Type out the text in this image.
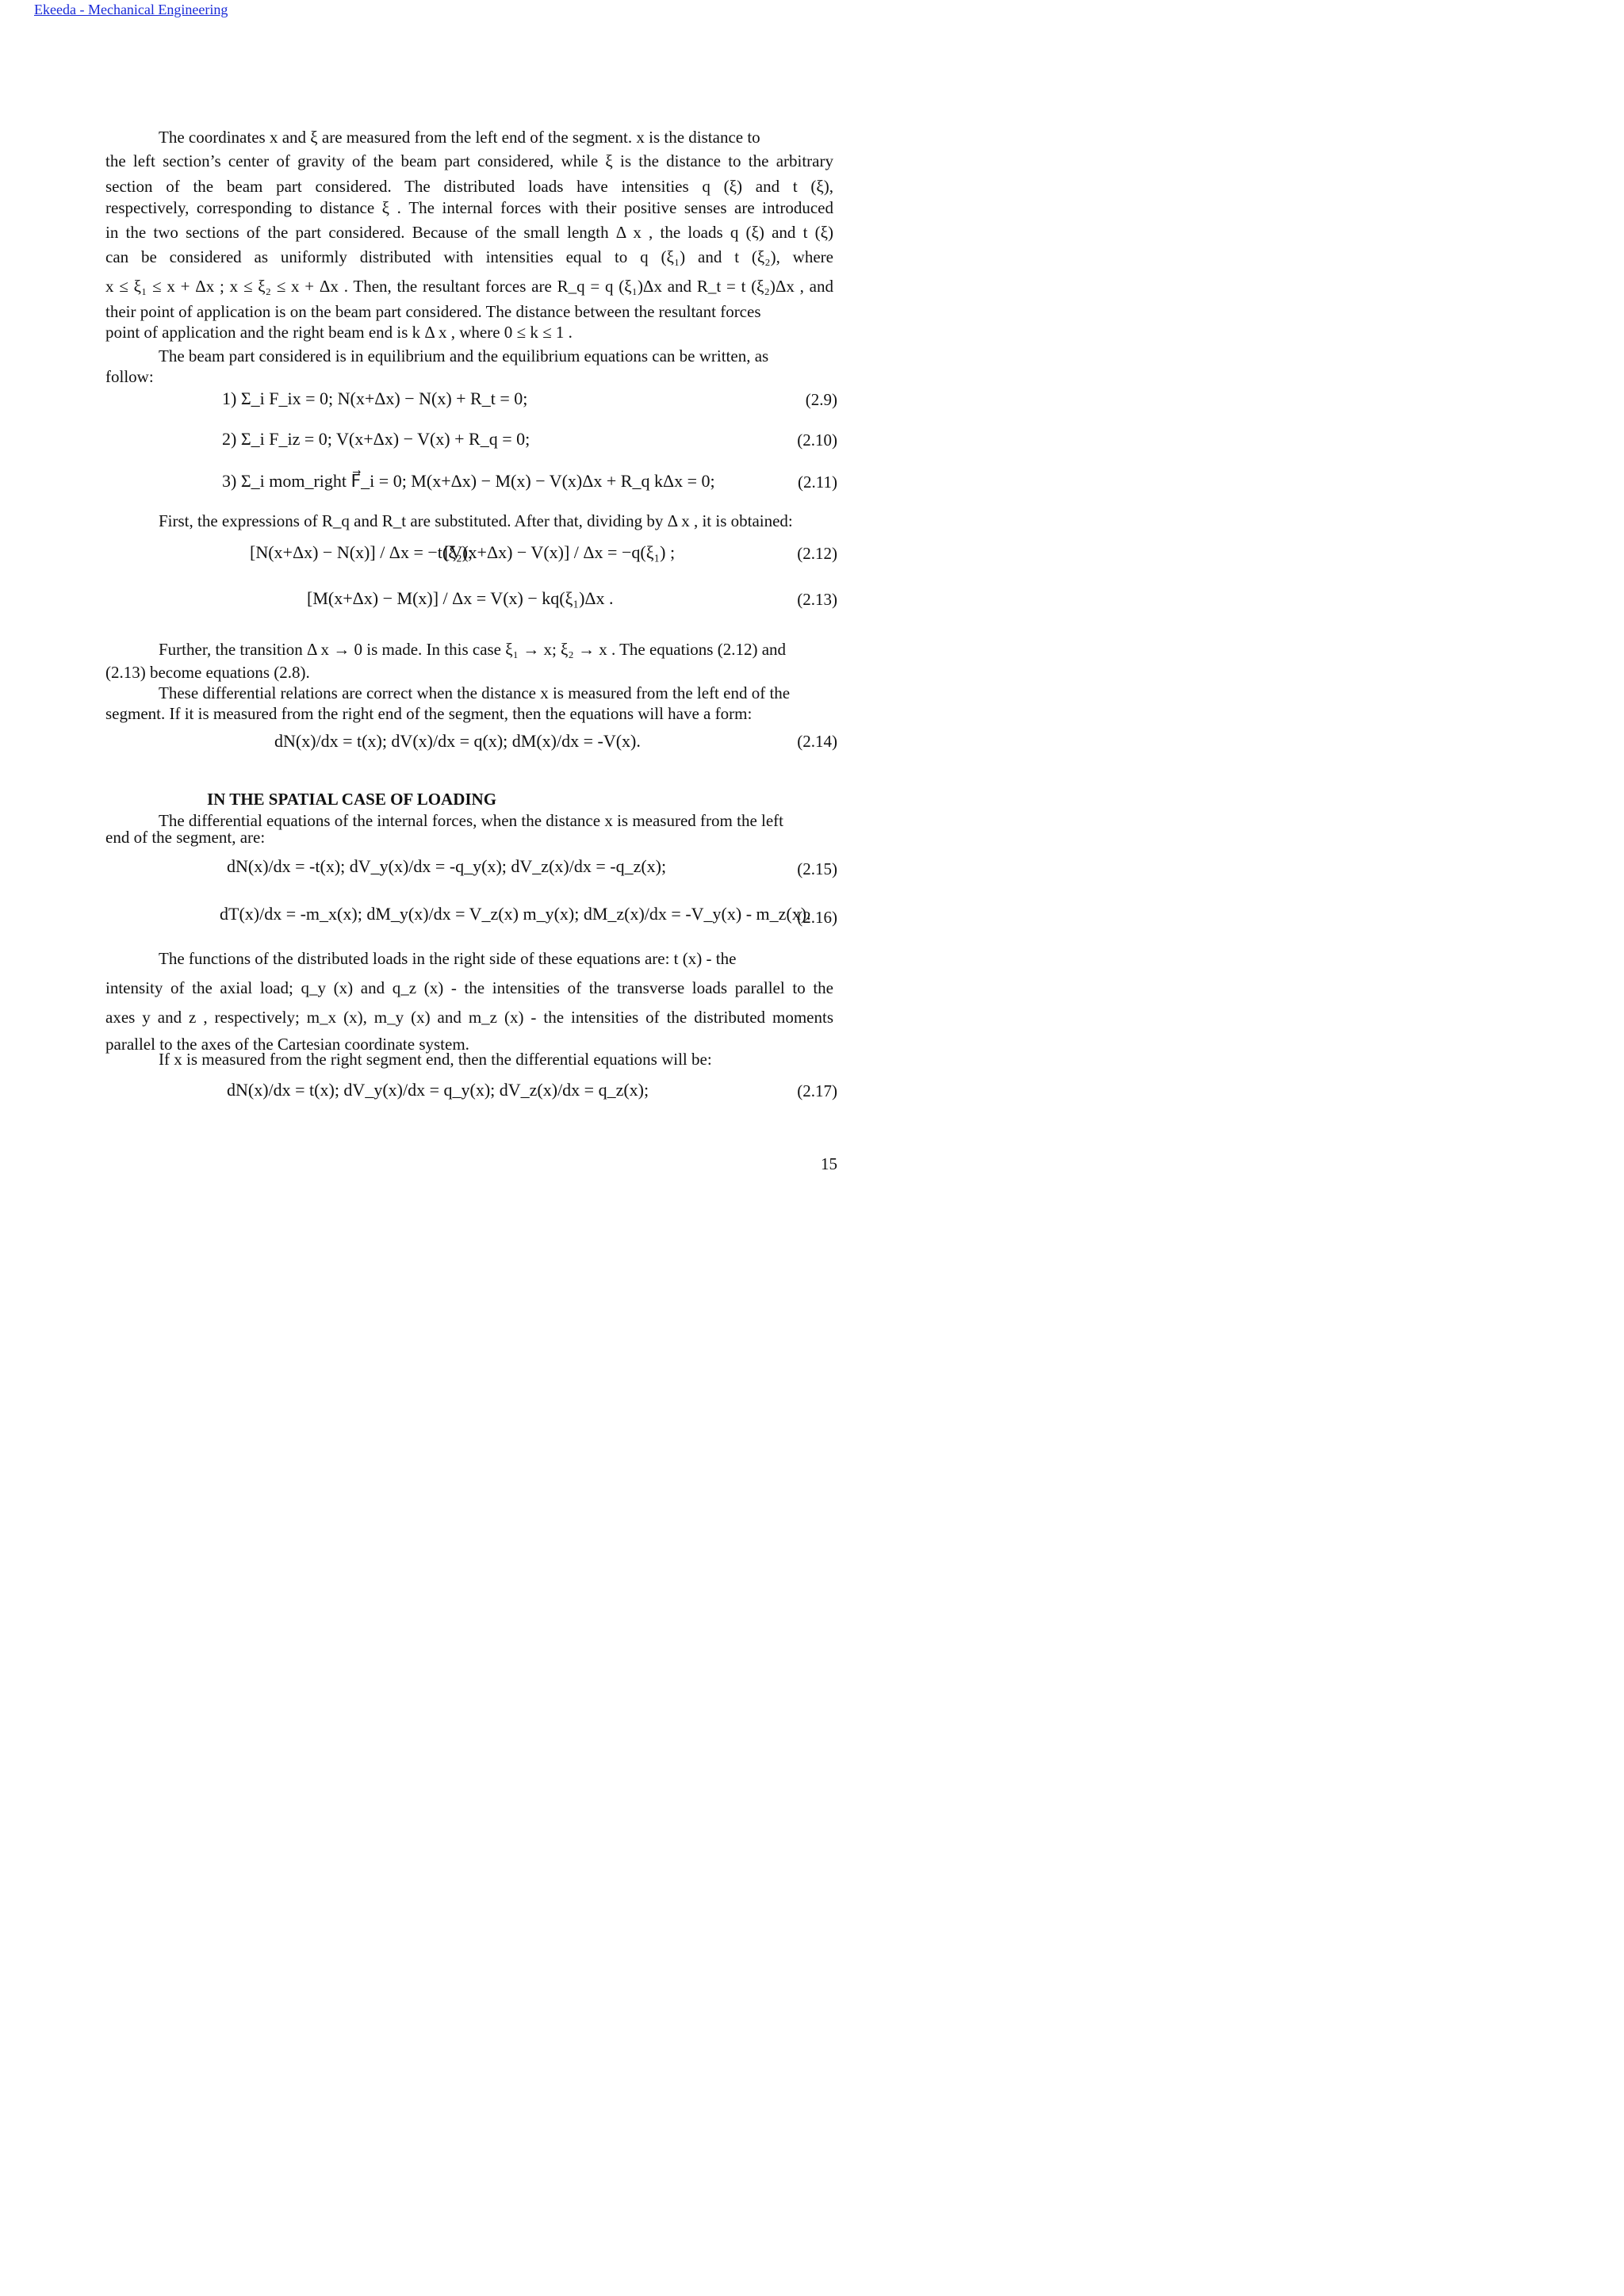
Ekeeda - Mechanical Engineering
The coordinates x and ξ are measured from the left end of the segment. x is the distance to
the left section’s center of gravity of the beam part considered, while ξ is the distance to the arbitrary
section of the beam part considered. The distributed loads have intensities q (ξ) and t (ξ),
respectively, corresponding to distance ξ . The internal forces with their positive senses are introduced
in the two sections of the part considered. Because of the small length Δ x , the loads q (ξ) and t (ξ)
can be considered as uniformly distributed with intensities equal to q (ξ₁) and t (ξ₂), where
x ≤ ξ₁ ≤ x + Δx ; x ≤ ξ₂ ≤ x + Δx . Then, the resultant forces are R_q = q (ξ₁)Δx and R_t = t (ξ₂)Δx , and
their point of application is on the beam part considered. The distance between the resultant forces
point of application and the right beam end is k Δ x , where 0 ≤ k ≤ 1 .
The beam part considered is in equilibrium and the equilibrium equations can be written, as
follow:
1) Σ_i F_ix = 0; N(x+Δx) − N(x) + R_t = 0;	(2.9)
2) Σ_i F_iz = 0; V(x+Δx) − V(x) + R_q = 0;	(2.10)
3) Σ_i mom_right F⃗_i = 0; M(x+Δx) − M(x) − V(x)Δx + R_q kΔx = 0;	(2.11)
First, the expressions of R_q and R_t are substituted. After that, dividing by Δ x , it is obtained:
[N(x+Δx) − N(x)] / Δx = −t(ξ₂);
[V(x+Δx) − V(x)] / Δx = −q(ξ₁) ;	(2.12)
[M(x+Δx) − M(x)] / Δx = V(x) − kq(ξ₁)Δx .	(2.13)
Further, the transition Δ x → 0 is made. In this case ξ₁ → x; ξ₂ → x . The equations (2.12) and
(2.13) become equations (2.8).
These differential relations are correct when the distance x is measured from the left end of the
segment. If it is measured from the right end of the segment, then the equations will have a form:
dN(x)/dx = t(x); dV(x)/dx = q(x); dM(x)/dx = -V(x).	(2.14)
IN THE SPATIAL CASE OF LOADING
The differential equations of the internal forces, when the distance x is measured from the left
end of the segment, are:
dN(x)/dx = -t(x); dV_y(x)/dx = -q_y(x); dV_z(x)/dx = -q_z(x);	(2.15)
dT(x)/dx = -m_x(x); dM_y(x)/dx = V_z(x) m_y(x); dM_z(x)/dx = -V_y(x) - m_z(x).
(2.16)
The functions of the distributed loads in the right side of these equations are: t (x) - the
intensity of the axial load; q_y (x) and q_z (x) - the intensities of the transverse loads parallel to the
axes y and z , respectively; m_x (x), m_y (x) and m_z (x) - the intensities of the distributed moments
parallel to the axes of the Cartesian coordinate system.
If x is measured from the right segment end, then the differential equations will be:
dN(x)/dx = t(x); dV_y(x)/dx = q_y(x); dV_z(x)/dx = q_z(x);	(2.17)
15
